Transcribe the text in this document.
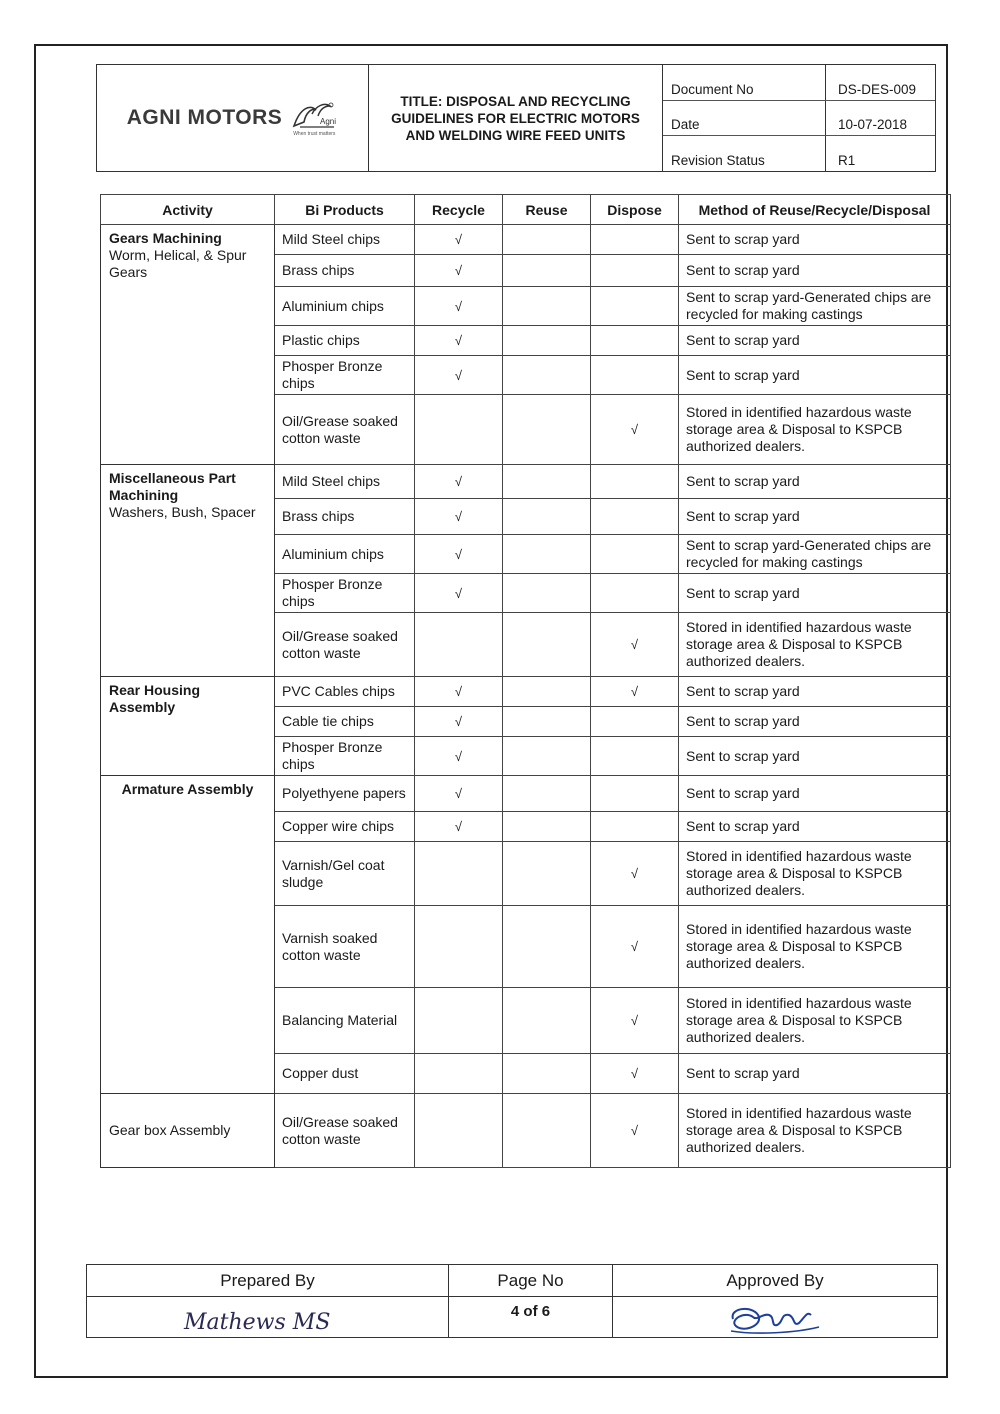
AGNI MOTORS	Agni
When trust matters
TITLE: DISPOSAL AND RECYCLING GUIDELINES FOR ELECTRIC MOTORS AND WELDING WIRE FEED UNITS
Document No	DS-DES-009
Date	10-07-2018
Revision Status	R1
Activity	Bi Products	Recycle	Reuse	Dispose	Method of Reuse/Recycle/Disposal

Gears Machining
Worm, Helical, & Spur Gears	Mild Steel chips	√			Sent to scrap yard
	Brass chips	√			Sent to scrap yard
	Aluminium chips	√			Sent to scrap yard-Generated chips are recycled for making castings
	Plastic chips	√			Sent to scrap yard
	Phosper Bronze chips	√			Sent to scrap yard
	Oil/Grease soaked cotton waste			√	Stored in identified hazardous waste storage area & Disposal to KSPCB authorized dealers.

Miscellaneous Part Machining
Washers, Bush, Spacer	Mild Steel chips	√			Sent to scrap yard
	Brass chips	√			Sent to scrap yard
	Aluminium chips	√			Sent to scrap yard-Generated chips are recycled for making castings
	Phosper Bronze chips	√			Sent to scrap yard
	Oil/Grease soaked cotton waste			√	Stored in identified hazardous waste storage area & Disposal to KSPCB authorized dealers.

Rear Housing Assembly	PVC Cables chips	√		√	Sent to scrap yard
	Cable tie chips	√			Sent to scrap yard
	Phosper Bronze chips	√			Sent to scrap yard

Armature Assembly	Polyethyene papers	√			Sent to scrap yard
	Copper wire chips	√			Sent to scrap yard
	Varnish/Gel coat sludge			√	Stored in identified hazardous waste storage area & Disposal to KSPCB authorized dealers.
	Varnish soaked cotton waste			√	Stored in identified hazardous waste storage area & Disposal to KSPCB authorized dealers.
	Balancing Material			√	Stored in identified hazardous waste storage area & Disposal to KSPCB authorized dealers.
	Copper dust			√	Sent to scrap yard

Gear box Assembly	Oil/Grease soaked cotton waste			√	Stored in identified hazardous waste storage area & Disposal to KSPCB authorized dealers.
Prepared By
Mathews MS
Page No
4 of 6
Approved By
